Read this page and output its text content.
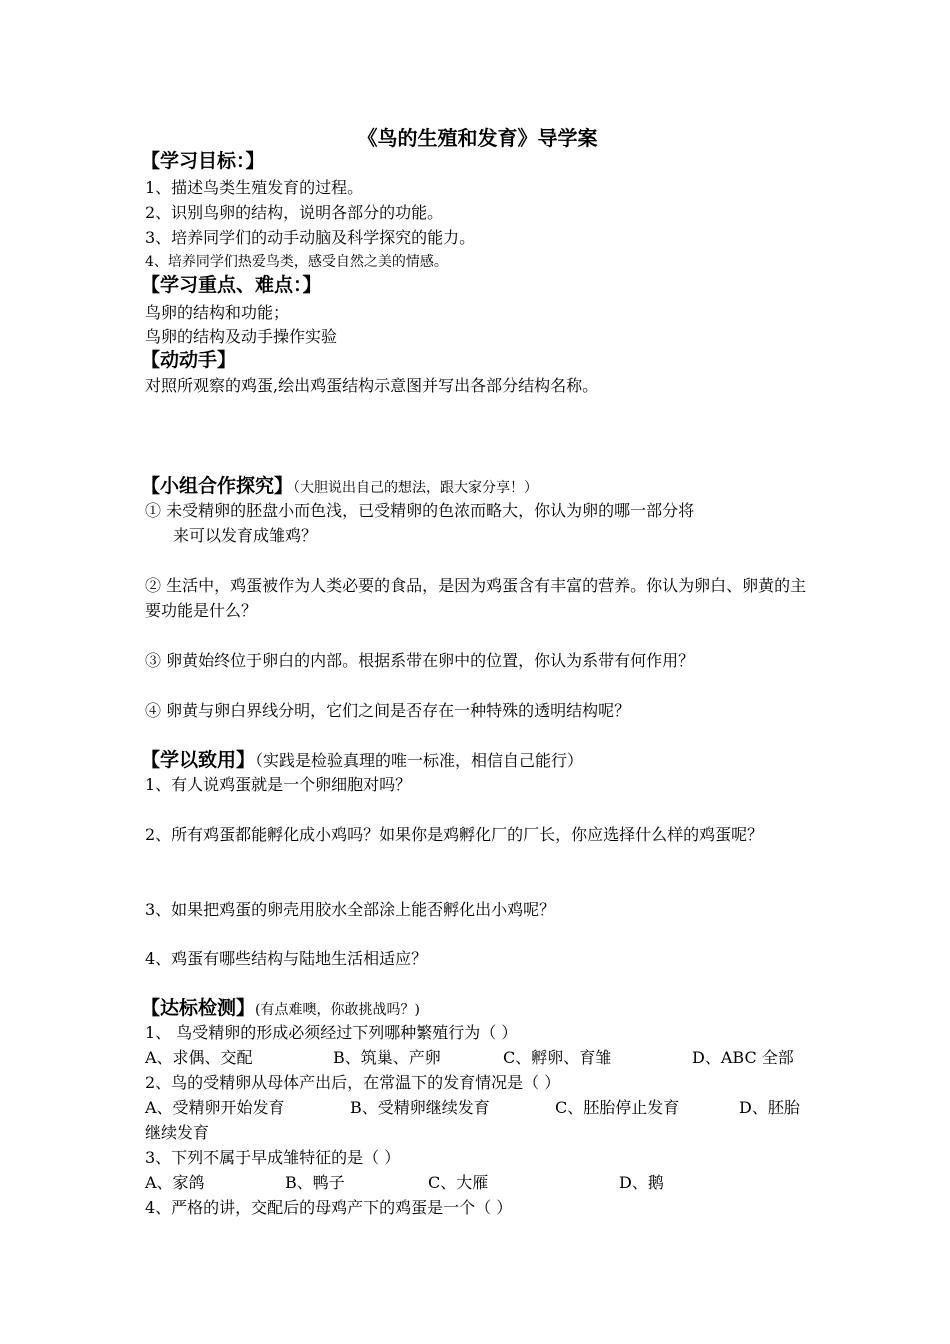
《鸟的生殖和发育》导学案
【学习目标：】
1、描述鸟类生殖发育的过程。
2、识别鸟卵的结构，说明各部分的功能。
3、培养同学们的动手动脑及科学探究的能力。
4、培养同学们热爱鸟类，感受自然之美的情感。
【学习重点、难点：】
鸟卵的结构和功能；
鸟卵的结构及动手操作实验
【动动手】
对照所观察的鸡蛋,绘出鸡蛋结构示意图并写出各部分结构名称。
【小组合作探究】（大胆说出自己的想法，跟大家分享！）
① 未受精卵的胚盘小而色浅，已受精卵的色浓而略大，你认为卵的哪一部分将
来可以发育成雏鸡？
② 生活中，鸡蛋被作为人类必要的食品，是因为鸡蛋含有丰富的营养。你认为卵白、卵黄的主要功能是什么？
③ 卵黄始终位于卵白的内部。根据系带在卵中的位置，你认为系带有何作用？
④ 卵黄与卵白界线分明，它们之间是否存在一种特殊的透明结构呢？
【学以致用】（实践是检验真理的唯一标准，相信自己能行）
1、有人说鸡蛋就是一个卵细胞对吗？
2、所有鸡蛋都能孵化成小鸡吗？如果你是鸡孵化厂的厂长，你应选择什么样的鸡蛋呢？
3、如果把鸡蛋的卵壳用胶水全部涂上能否孵化出小鸡呢？
4、鸡蛋有哪些结构与陆地生活相适应？
【达标检测】(有点难噢，你敢挑战吗？)
1、 鸟受精卵的形成必须经过下列哪种繁殖行为（ ）
A、求偶、交配	B、筑巢、产卵	C、孵卵、育雏	D、ABC 全部
2、鸟的受精卵从母体产出后，在常温下的发育情况是（ ）
A、受精卵开始发育	B、受精卵继续发育	C、胚胎停止发育	D、胚胎
继续发育
3、下列不属于早成雏特征的是（ ）
A、家鸽	B、鸭子	C、大雁	D、鹅
4、严格的讲，交配后的母鸡产下的鸡蛋是一个（ ）
